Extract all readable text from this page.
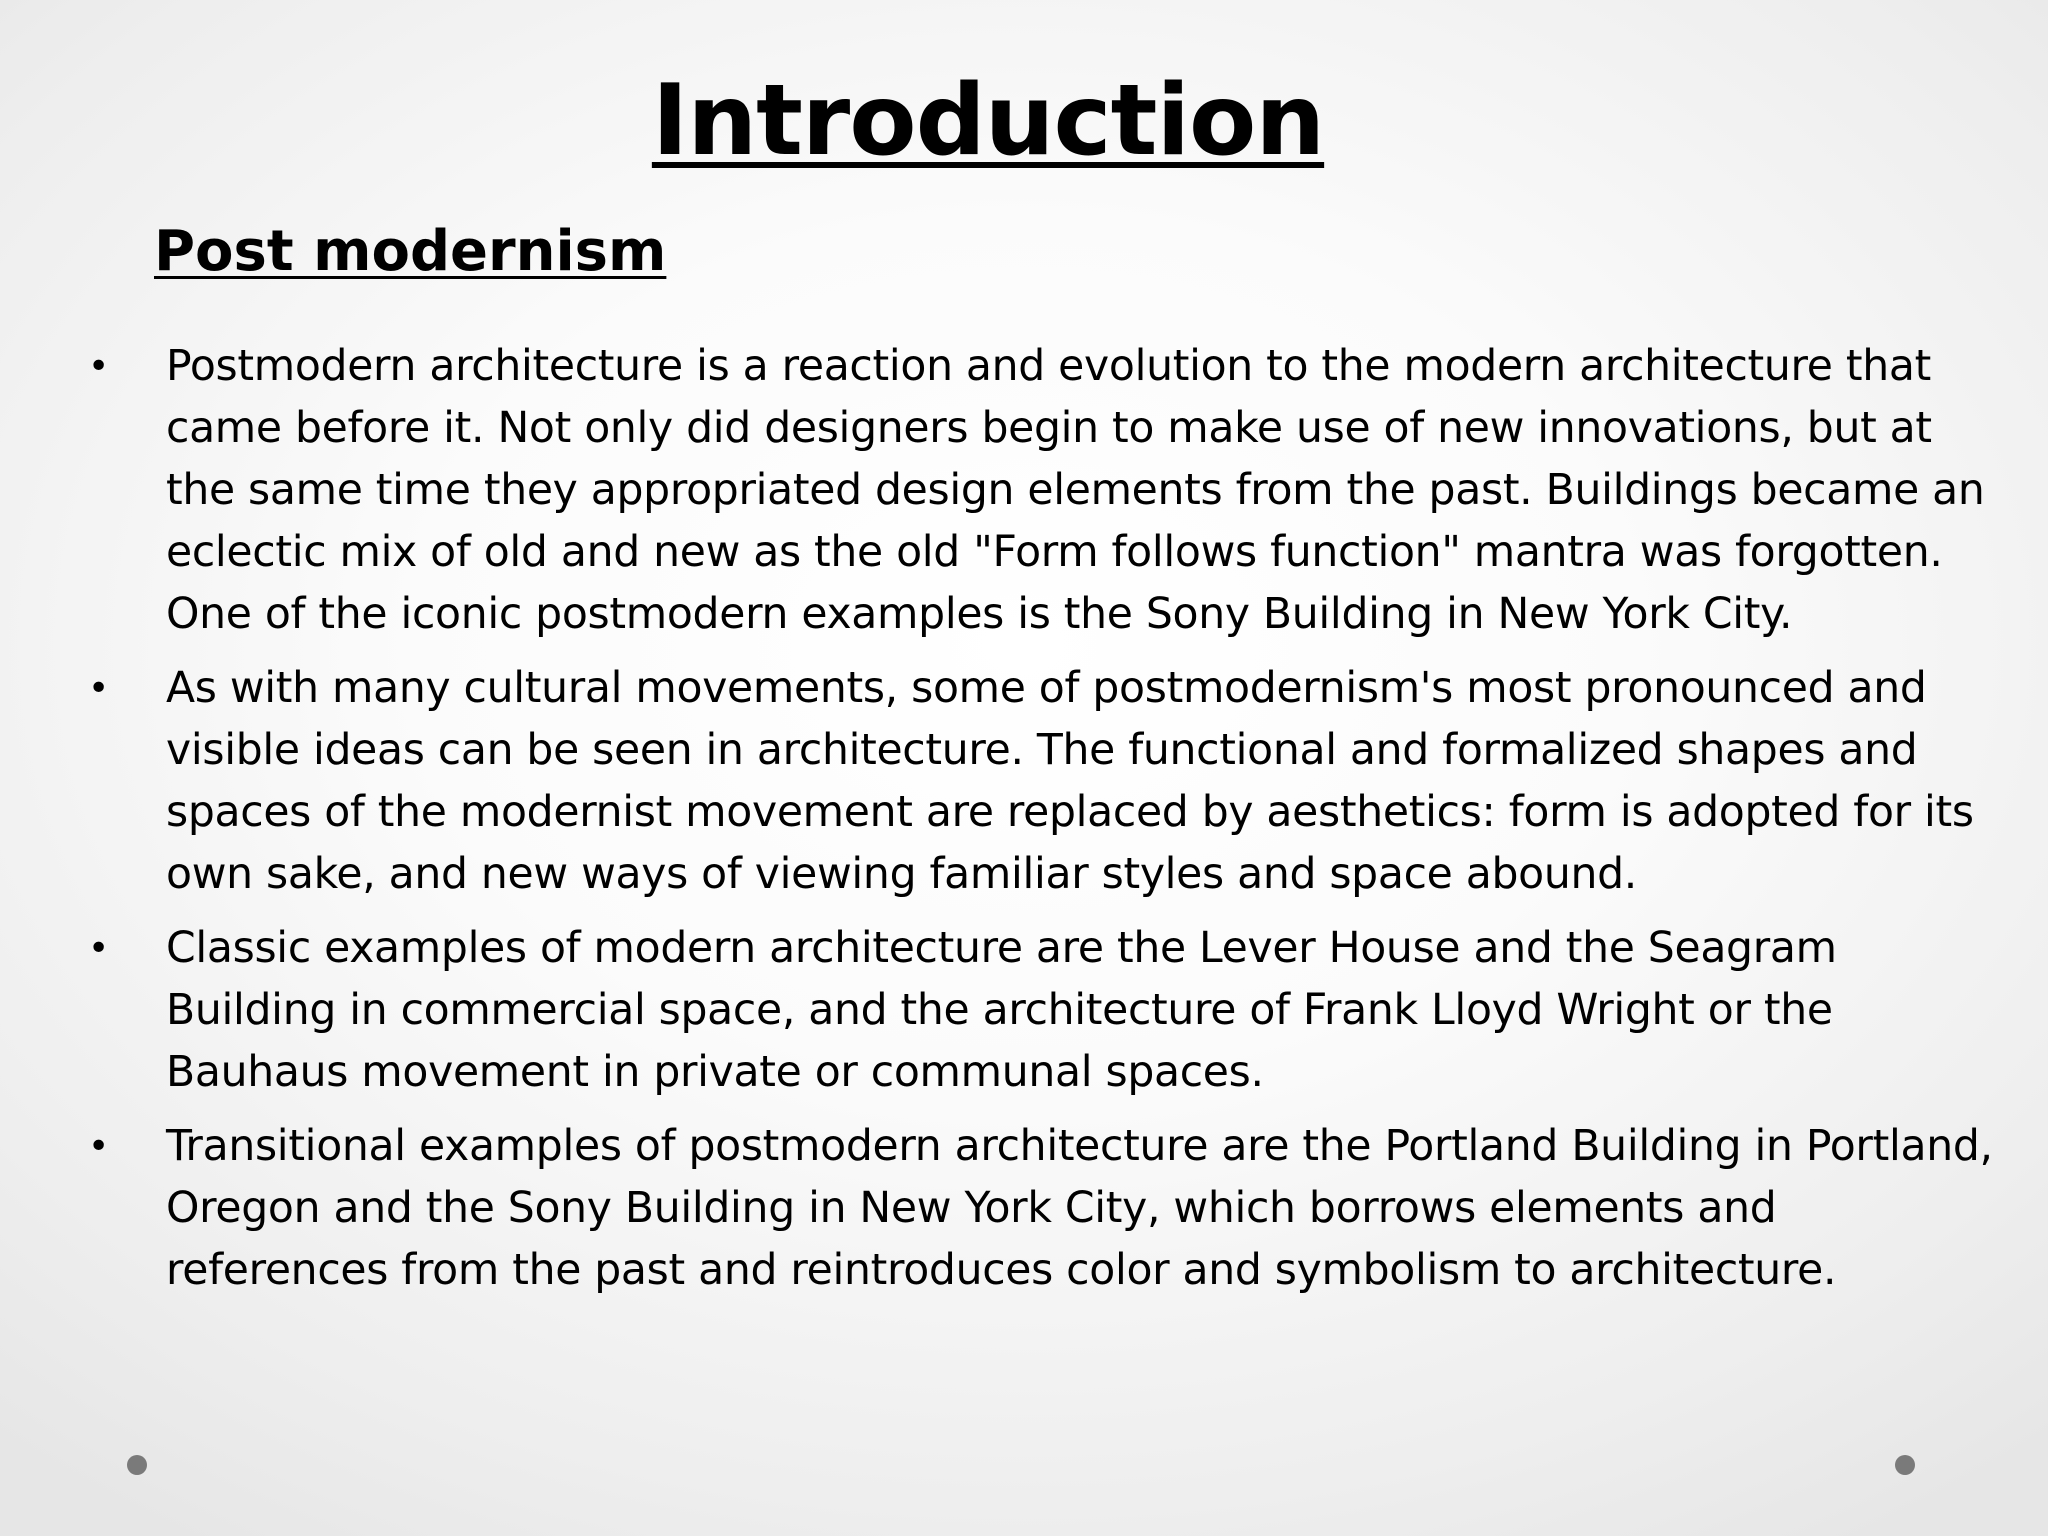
Introduction
Post modernism
• Postmodern architecture is a reaction and evolution to the modern architecture that came before it. Not only did designers begin to make use of new innovations, but at the same time they appropriated design elements from the past. Buildings became an eclectic mix of old and new as the old "Form follows function" mantra was forgotten. One of the iconic postmodern examples is the Sony Building in New York City.
• As with many cultural movements, some of postmodernism's most pronounced and visible ideas can be seen in architecture. The functional and formalized shapes and spaces of the modernist movement are replaced by aesthetics: form is adopted for its own sake, and new ways of viewing familiar styles and space abound.
• Classic examples of modern architecture are the Lever House and the Seagram Building in commercial space, and the architecture of Frank Lloyd Wright or the Bauhaus movement in private or communal spaces.
• Transitional examples of postmodern architecture are the Portland Building in Portland, Oregon and the Sony Building in New York City, which borrows elements and references from the past and reintroduces color and symbolism to architecture.
